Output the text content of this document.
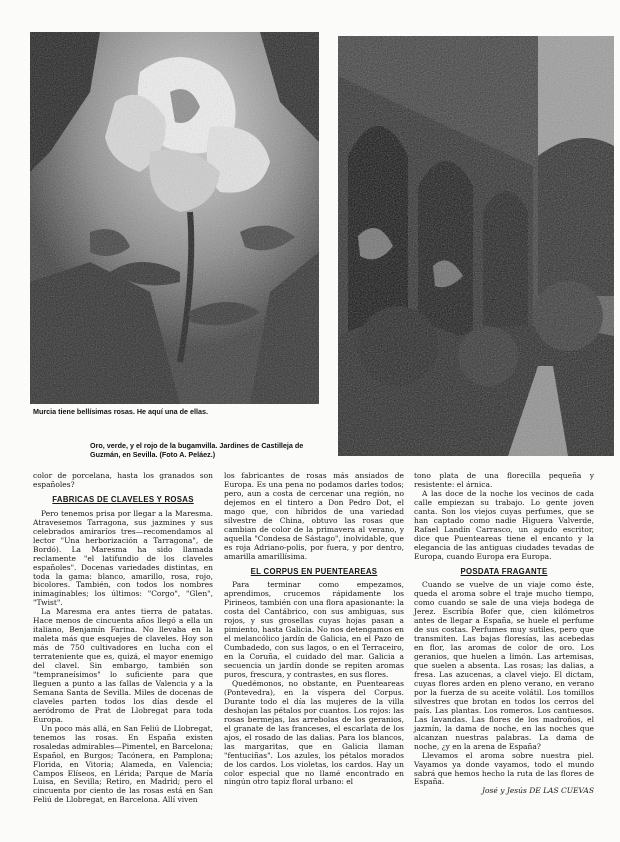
Murcia tiene bellísimas rosas. He aquí una de ellas.
Oro, verde, y el rojo de la bugamvilla. Jardines de Castilleja de Guzmán, en Sevilla. (Foto A. Peláez.)

color de porcelana, hasta los granados son españoles?

FABRICAS DE CLAVELES Y ROSAS

Pero tenemos prisa por llegar a la Maresma. Atravesemos Tarragona, sus jazmines y sus celebrados amiraríos tres—recomendamos al lector "Una herborización a Tarragona", de Bordó). La Maresma ha sido llamada reclamente "el latifundio de los claveles españoles". Docenas variedades distintas, en toda la gama: blanco, amarillo, rosa, rojo, bicolores. También, con todos los nombres inimaginables; los últimos: "Corgo", "Glen", "Twist".

La Maresma era antes tierra de patatas. Hace menos de cincuenta años llegó a ella un italiano, Benjamín Farina. No llevaba en la maleta más que esquejes de claveles. Hoy son más de 750 cultivadores en lucha con el terrateniente que es, quizá, el mayor enemigo del clavel. Sin embargo, también son "tempraneísimos" lo suficiente para que lleguen a punto a las fallas de Valencia y a la Semana Santa de Sevilla. Miles de docenas de claveles parten todos los días desde el aeródromo de Prat de Llobregat para toda Europa.

Un poco más allá, en San Feliú de Llobregat, tenemos las rosas. En España existen rosaledas admirables—Pimentel, en Barcelona; Español, en Burgos; Tacónera, en Pamplona; Florida, en Vitoria; Alameda, en Valencia; Campos Elíseos, en Lérida; Parque de María Luisa, en Sevilla; Retiro, en Madrid; pero el cincuenta por ciento de las rosas está en San Feliú de Llobregat, en Barcelona. Allí viven

los fabricantes de rosas más ansiados de Europa. Es una pena no podamos darles todos; pero, aun a costa de cercenar una región, no dejemos en el tintero a Don Pedro Dot, el mago que, con híbridos de una variedad silvestre de China, obtuvo las rosas que cambian de color de la primavera al verano, y aquella "Condesa de Sástago", inolvidable, que es roja Adriano-polis, por fuera, y por dentro, amarilla amarillísima.

EL CORPUS EN PUENTEAREAS

Para terminar como empezamos, aprendimos, crucemos rápidamente los Pirineos, también con una flora apasionante: la costa del Cantábrico, con sus ambiguas, sus rojos, y sus grosellas cuyas hojas pasan a pimiento, hasta Galicia. No nos detengamos en el melancólico jardín de Galicia, en el Pazo de Cumbadedo, con sus lagos, o en el Terraceiro, en la Coruña, el cuidado del mar. Galicia a secuencia un jardín donde se repiten aromas puros, frescura, y contrastes, en sus flores.

Quedémonos, no obstante, en Puenteareas (Pontevedra), en la víspera del Corpus. Durante todo el día las mujeres de la villa deshojan las pétalos por cuantos. Los rojos: las rosas bermejas, las arrebolas de los geranios, el granate de las franceses, el escarlata de los ajos, el rosado de las dalias. Para los blancos, las margaritas, que en Galicia llaman "fentuciñas". Los azules, los pétalos morados de los cardos. Los violetas, los cardos. Hay un color especial que no llamé encontrado en ningún otro tapiz floral urbano: el

tono plata de una florecilla pequeña y resistente: el árnica.

A las doce de la noche los vecinos de cada calle empiezan su trabajo. Lo gente joven canta. Son los viejos cuyas perfumes, que se han captado como nadie Higuera Valverde, Rafael Landín Carrasco, un agudo escritor, dice que Puenteareas tiene el encanto y la elegancia de las antiguas ciudades tevadas de Europa, cuando Europa era Europa.

POSDATA FRAGANTE

Cuando se vuelve de un viaje como éste, queda el aroma sobre el traje mucho tiempo, como cuando se sale de una vieja bodega de Jerez. Escribía Bofer que, cien kilómetros antes de llegar a España, se huele el perfume de sus costas. Perfumes muy sutiles, pero que transmiten. Las bajas floresías, las acebedas en flor, las aromas de color de oro. Los geranios, que huelen a limón. Las artemisas, que suelen a absenta. Las rosas; las dalias, a fresa. Las azucenas, a clavel viejo. El dictam, cuyas flores arden en pleno verano, en verano por la fuerza de su aceite volátil. Los tomillos silvestres que brotan en todos los cerros del país. Las plantas. Los romeros. Los cantuesos. Las lavandas. Las flores de los madroños, el jazmín, la dama de noche, en las noches que alcanzan nuestras palabras. La dama de noche, ¿y en la arena de España?

Llevamos el aroma sobre nuestra piel. Vayamos ya donde vayamos, todo el mundo sabrá que hemos hecho la ruta de las flores de España.

José y Jesús DE LAS CUEVAS
